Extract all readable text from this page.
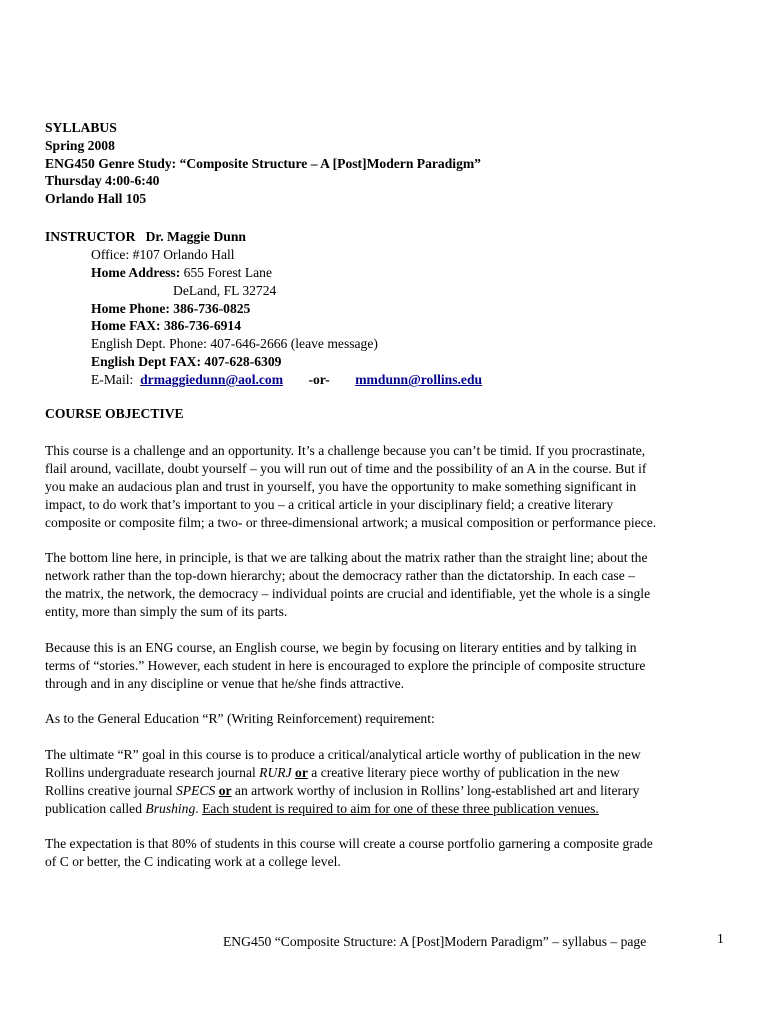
SYLLABUS
Spring 2008
ENG450 Genre Study: “Composite Structure – A [Post]Modern Paradigm”
Thursday 4:00-6:40
Orlando Hall 105
INSTRUCTOR Dr. Maggie Dunn
Office: #107 Orlando Hall
Home Address: 655 Forest Lane
DeLand, FL 32724
Home Phone: 386-736-0825
Home FAX: 386-736-6914
English Dept. Phone: 407-646-2666 (leave message)
English Dept FAX: 407-628-6309
E-Mail: drmaggiedunn@aol.com -or- mmdunn@rollins.edu
COURSE OBJECTIVE
This course is a challenge and an opportunity. It’s a challenge because you can’t be timid. If you procrastinate,
flail around, vacillate, doubt yourself – you will run out of time and the possibility of an A in the course. But if
you make an audacious plan and trust in yourself, you have the opportunity to make something significant in
impact, to do work that’s important to you – a critical article in your disciplinary field; a creative literary
composite or composite film; a two- or three-dimensional artwork; a musical composition or performance piece.
The bottom line here, in principle, is that we are talking about the matrix rather than the straight line; about the
network rather than the top-down hierarchy; about the democracy rather than the dictatorship. In each case –
the matrix, the network, the democracy – individual points are crucial and identifiable, yet the whole is a single
entity, more than simply the sum of its parts.
Because this is an ENG course, an English course, we begin by focusing on literary entities and by talking in
terms of “stories.” However, each student in here is encouraged to explore the principle of composite structure
through and in any discipline or venue that he/she finds attractive.
As to the General Education “R” (Writing Reinforcement) requirement:
The ultimate “R” goal in this course is to produce a critical/analytical article worthy of publication in the new
Rollins undergraduate research journal RURJ or a creative literary piece worthy of publication in the new
Rollins creative journal SPECS or an artwork worthy of inclusion in Rollins’ long-established art and literary
publication called Brushing. Each student is required to aim for one of these three publication venues.
The expectation is that 80% of students in this course will create a course portfolio garnering a composite grade
of C or better, the C indicating work at a college level.
ENG450 “Composite Structure: A [Post]Modern Paradigm” – syllabus – page	1
